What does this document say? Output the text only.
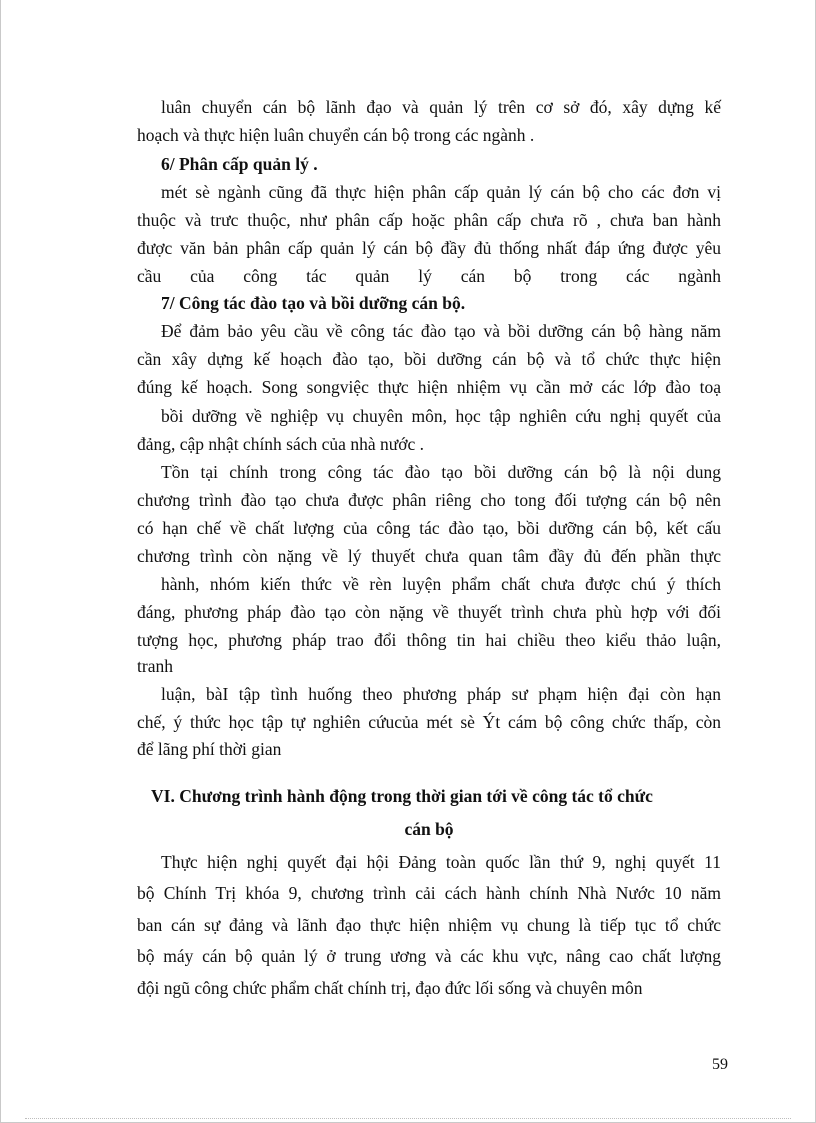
luân chuyển cán bộ lãnh đạo và quản lý trên cơ sở đó, xây dựng kế
hoạch và thực hiện luân chuyển cán bộ trong các ngành .
6/ Phân cấp quản lý .
mét sè ngành cũng đã thực hiện phân cấp quản lý cán bộ cho các đơn vị
thuộc và trưc thuộc, như phân cấp hoặc phân cấp chưa rõ , chưa ban hành
được văn bản phân cấp quản lý cán bộ đầy đủ thống nhất đáp ứng được yêu
cầu của công tác quản lý cán bộ trong các ngành
7/ Công tác đào tạo và bồi dưỡng cán bộ.
Để đảm bảo yêu cầu về công tác đào tạo và bồi dưỡng cán bộ hàng năm
cần xây dựng kế hoạch đào tạo, bồi dưỡng cán bộ và tổ chức thực hiện
đúng kế hoạch. Song songviệc thực hiện nhiệm vụ cần mở các lớp đào toạ
bồi dưỡng về nghiệp vụ chuyên môn, học tập nghiên cứu nghị quyết của
đảng, cập nhật chính sách của nhà nước .
Tồn tại chính trong công tác đào tạo bồi dưỡng cán bộ là nội dung
chương trình đào tạo chưa được phân riêng cho tong đối tượng cán bộ nên
có hạn chế về chất lượng của công tác đào tạo, bồi dưỡng cán bộ, kết cấu
chương trình còn nặng về lý thuyết chưa quan tâm đầy đủ đến phần thực
hành, nhóm kiến thức về rèn luyện phẩm chất chưa được chú ý thích
đáng, phương pháp đào tạo còn nặng về thuyết trình chưa phù hợp với đối
tượng học, phương pháp trao đổi thông tin hai chiều theo kiểu thảo luận,
tranh
luận, bàI tập tình huống theo phương pháp sư phạm hiện đại còn hạn
chế, ý thức học tập tự nghiên cứucủa mét sè Ýt cám bộ công chức thấp, còn
để lãng phí thời gian
VI. Chương trình hành động trong thời gian tới về công tác tổ chức
cán bộ
Thực hiện nghị quyết đại hội Đảng toàn quốc lần thứ 9, nghị quyết 11
bộ Chính Trị khóa 9, chương trình cải cách hành chính Nhà Nước 10 năm
ban cán sự đảng và lãnh đạo thực hiện nhiệm vụ chung là tiếp tục tổ chức
bộ máy cán bộ quản lý ở trung ương và các khu vực, nâng cao chất lượng
đội ngũ công chức phẩm chất chính trị, đạo đức lối sống và chuyên môn
59
